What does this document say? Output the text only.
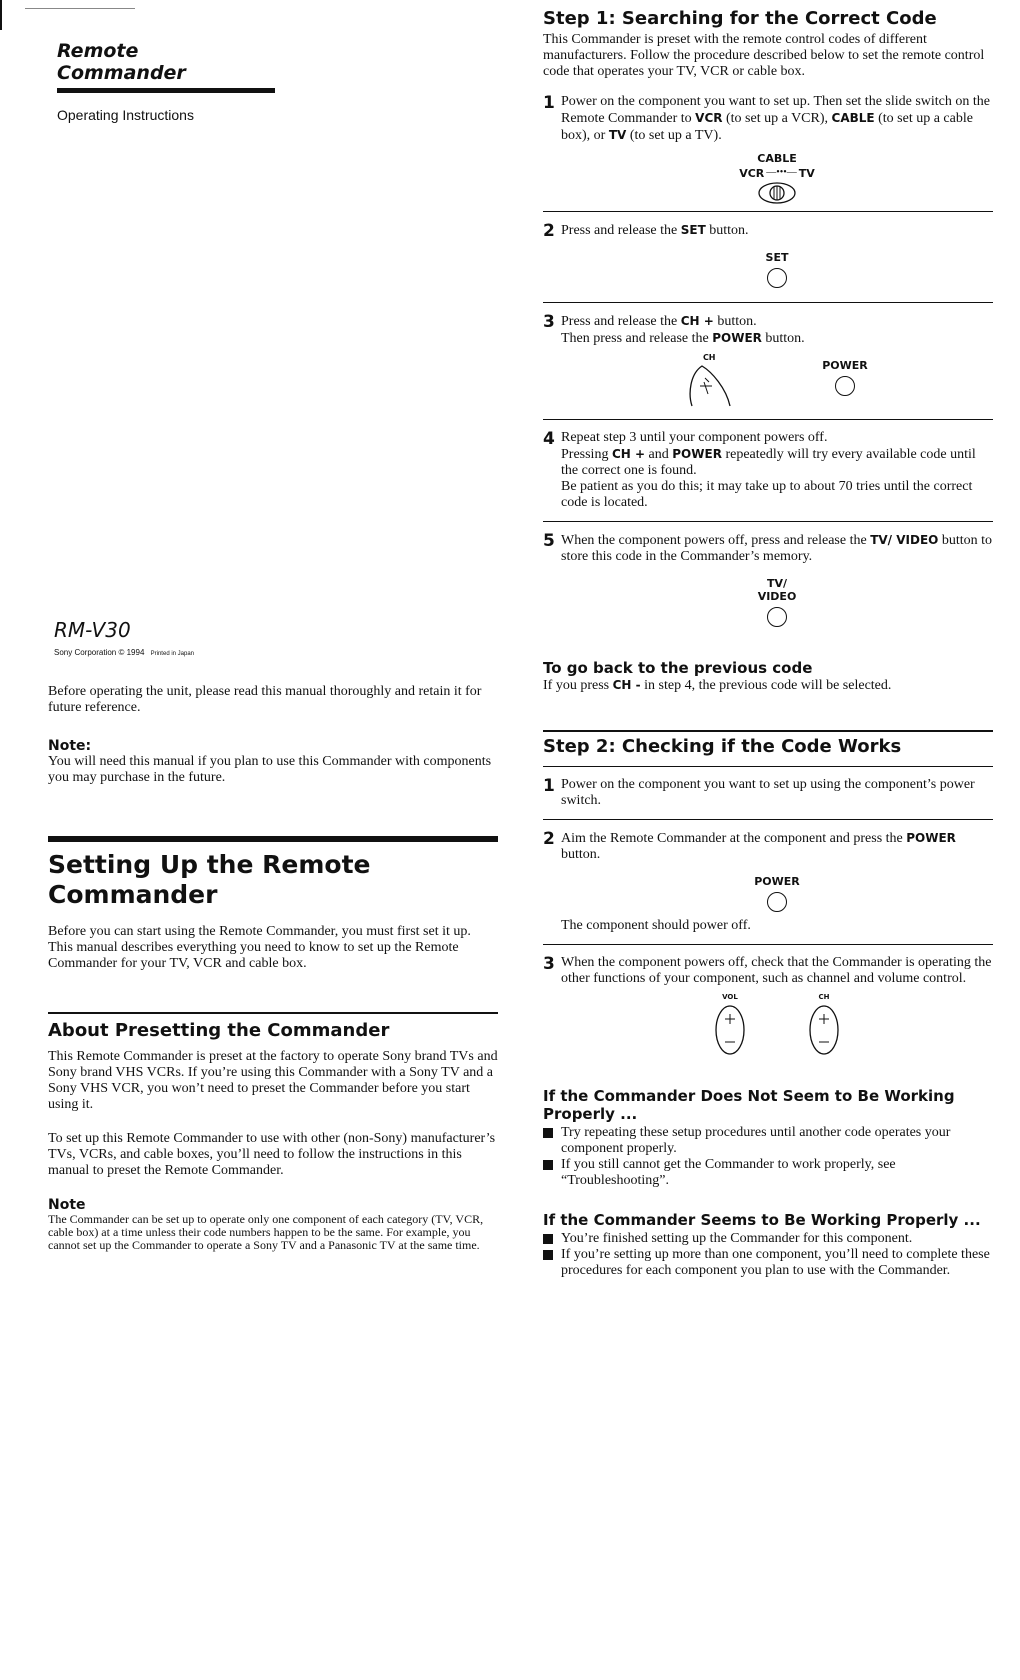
Remote
Commander
Operating Instructions
RM-V30
Sony Corporation © 1994 Printed in Japan

Before operating the unit, please read this manual thoroughly and retain it for future reference.

Note:

You will need this manual if you plan to use this Commander with components you may purchase in the future.

Setting Up the Remote Commander

Before you can start using the Remote Commander, you must first set it up. This manual describes everything you need to know to set up the Remote Commander for your TV, VCR and cable box.

About Presetting the Commander

This Remote Commander is preset at the factory to operate Sony brand TVs and Sony brand VHS VCRs. If you’re using this Commander with a Sony TV and a Sony VHS VCR, you won’t need to preset the Commander before you start using it.

To set up this Remote Commander to use with other (non-Sony) manufacturer’s TVs, VCRs, and cable boxes, you’ll need to follow the instructions in this manual to preset the Remote Commander.

Note

The Commander can be set up to operate only one component of each category (TV, VCR, cable box) at a time unless their code numbers happen to be the same. For example, you cannot set up the Commander to operate a Sony TV and a Panasonic TV at the same time.

Step 1: Searching for the Correct Code

This Commander is preset with the remote control codes of different manufacturers. Follow the procedure described below to set the remote control code that operates your TV, VCR or cable box.

1 Power on the component you want to set up. Then set the slide switch on the Remote Commander to VCR (to set up a VCR), CABLE (to set up a cable box), or TV (to set up a TV).
CABLE
VCR —•••— TV
2 Press and release the SET button.
SET
3 Press and release the CH + button.
Then press and release the POWER button.
CH
POWER
4 Repeat step 3 until your component powers off.
Pressing CH + and POWER repeatedly will try every available code until the correct one is found.
Be patient as you do this; it may take up to about 70 tries until the correct code is located.
5 When the component powers off, press and release the TV/ VIDEO button to store this code in the Commander’s memory.
TV/
VIDEO
To go back to the previous code

If you press CH - in step 4, the previous code will be selected.

Step 2: Checking if the Code Works
1 Power on the component you want to set up using the component’s power switch.
2 Aim the Remote Commander at the component and press the POWER button.
POWER

The component should power off.

3 When the component powers off, check that the Commander is operating the other functions of your component, such as channel and volume control.
VOL	CH
If the Commander Does Not Seem to Be Working Properly ...
Try repeating these setup procedures until another code operates your component properly.
If you still cannot get the Commander to work properly, see “Troubleshooting”.
If the Commander Seems to Be Working Properly ...
You’re finished setting up the Commander for this component.
If you’re setting up more than one component, you’ll need to complete these procedures for each component you plan to use with the Commander.
